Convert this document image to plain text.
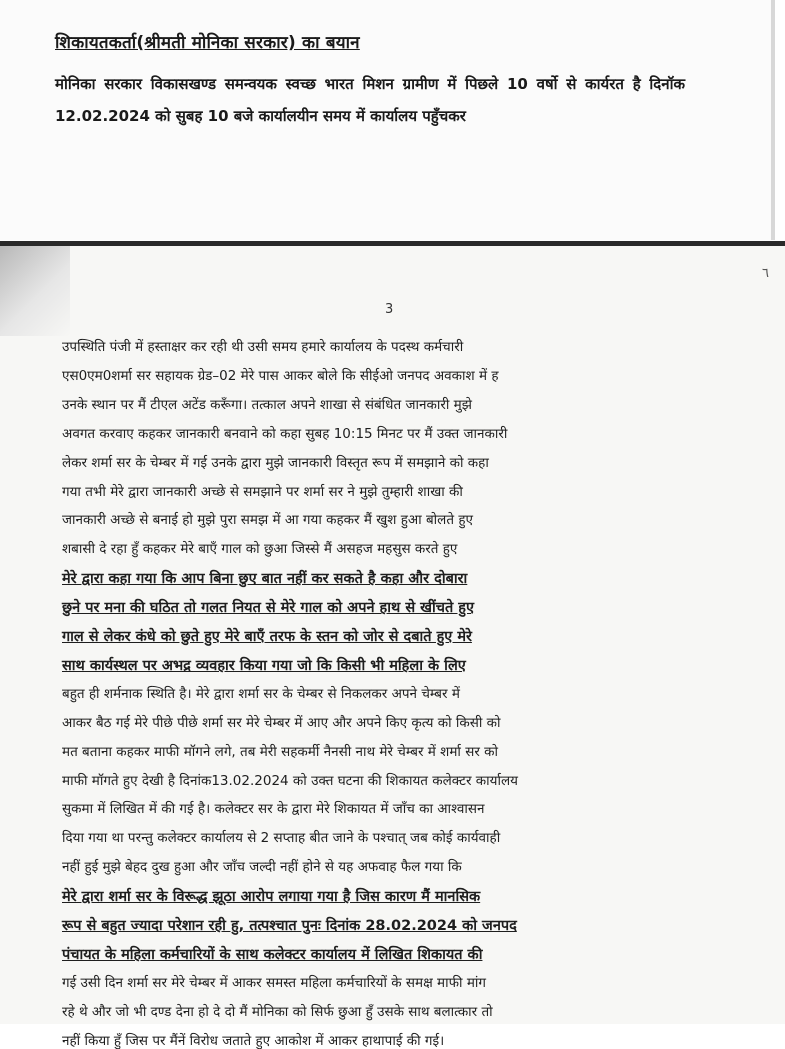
शिकायतकर्ता(श्रीमती मोनिका सरकार) का बयान
मोनिका सरकार विकासखण्ड समन्वयक स्वच्छ भारत मिशन ग्रामीण में पिछले 10 वर्षो से कार्यरत है दिनॉक 12.02.2024 को सुबह 10 बजे कार्यालयीन समय में कार्यालय पहुँचकर
٦
3
उपस्थिति पंजी में हस्ताक्षर कर रही थी उसी समय हमारे कार्यालय के पदस्थ कर्मचारी
एस0एम0शर्मा सर सहायक ग्रेड–02 मेरे पास आकर बोले कि सीईओ जनपद अवकाश में ह
उनके स्थान पर मैं टीएल अटेंड करूँगा। तत्काल अपने शाखा से संबंधित जानकारी मुझे
अवगत करवाए कहकर जानकारी बनवाने को कहा सुबह 10:15 मिनट पर मैं उक्त जानकारी
लेकर शर्मा सर के चेम्बर में गई उनके द्वारा मुझे जानकारी विस्तृत रूप में समझाने को कहा
गया तभी मेरे द्वारा जानकारी अच्छे से समझाने पर शर्मा सर ने मुझे तुम्हारी शाखा की
जानकारी अच्छे से बनाई हो मुझे पुरा समझ में आ गया कहकर मैं खुश हुआ बोलते हुए
शबासी दे रहा हुँ कहकर मेरे बाएँ गाल को छुआ जिस्से मैं असहज महसुस करते हुए
मेरे द्वारा कहा गया कि आप बिना छुए बात नहीं कर सकते है कहा और दोबारा
छुने पर मना की घठित तो गलत नियत से मेरे गाल को अपने हाथ से खींचते हुए
गाल से लेकर कंधे को छुते हुए मेरे बाएँ तरफ के स्तन को जोर से दबाते हुए मेरे
साथ कार्यस्थल पर अभद्र व्यवहार किया गया जो कि किसी भी महिला के लिए
बहुत ही शर्मनाक स्थिति है। मेरे द्वारा शर्मा सर के चेम्बर से निकलकर अपने चेम्बर में
आकर बैठ गई मेरे पीछे पीछे शर्मा सर मेरे चेम्बर में आए और अपने किए कृत्य को किसी को
मत बताना कहकर माफी मॉगने लगे, तब मेरी सहकर्मी नैनसी नाथ मेरे चेम्बर में शर्मा सर को
माफी मॉगते हुए देखी है दिनांक13.02.2024 को उक्त घटना की शिकायत कलेक्टर कार्यालय
सुकमा में लिखित में की गई है। कलेक्टर सर के द्वारा मेरे शिकायत में जॉंच का आश्वासन
दिया गया था परन्तु कलेक्टर कार्यालय से 2 सप्ताह बीत जाने के पश्चात् जब कोई कार्यवाही
नहीं हुई मुझे बेहद दुख हुआ और जॉंच जल्दी नहीं होने से यह अफवाह फैल गया कि
मेरे द्वारा शर्मा सर के विरूद्ध झूठा आरोप लगाया गया है जिस कारण मैं मानसिक
रूप से बहुत ज्यादा परेशान रही हु, तत्पश्चात पुनः दिनांक 28.02.2024 को जनपद
पंचायत के महिला कर्मचारियों के साथ कलेक्टर कार्यालय में लिखित शिकायत की
गई उसी दिन शर्मा सर मेरे चेम्बर में आकर समस्त महिला कर्मचारियों के समक्ष माफी मांग
रहे थे और जो भी दण्ड देना हो दे दो मैं मोनिका को सिर्फ छुआ हुँ उसके साथ बलात्कार तो
नहीं किया हुँ जिस पर मैंनें विरोध जताते हुए आकोश में आकर हाथापाई की गई।
